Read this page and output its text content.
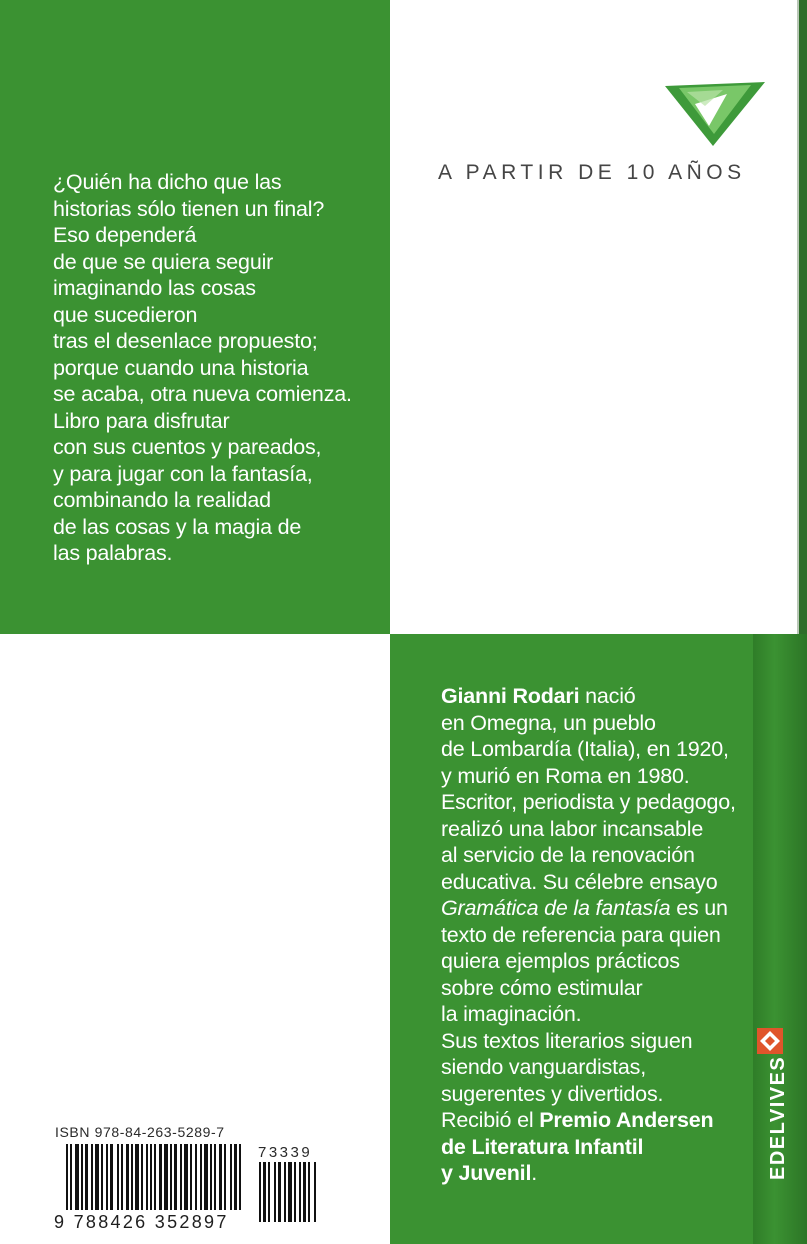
A PARTIR DE 10 AÑOS
¿Quién ha dicho que las
historias sólo tienen un final?
Eso dependerá
de que se quiera seguir
imaginando las cosas
que sucedieron
tras el desenlace propuesto;
porque cuando una historia
se acaba, otra nueva comienza.
Libro para disfrutar
con sus cuentos y pareados,
y para jugar con la fantasía,
combinando la realidad
de las cosas y la magia de
las palabras.
Gianni Rodari nació
en Omegna, un pueblo
de Lombardía (Italia), en 1920,
y murió en Roma en 1980.
Escritor, periodista y pedagogo,
realizó una labor incansable
al servicio de la renovación
educativa. Su célebre ensayo
Gramática de la fantasía es un
texto de referencia para quien
quiera ejemplos prácticos
sobre cómo estimular
la imaginación.
Sus textos literarios siguen
siendo vanguardistas,
sugerentes y divertidos.
Recibió el Premio Andersen
de Literatura Infantil
y Juvenil.
ISBN 978-84-263-5289-7
73339
9 788426 352897
EDELVIVES
